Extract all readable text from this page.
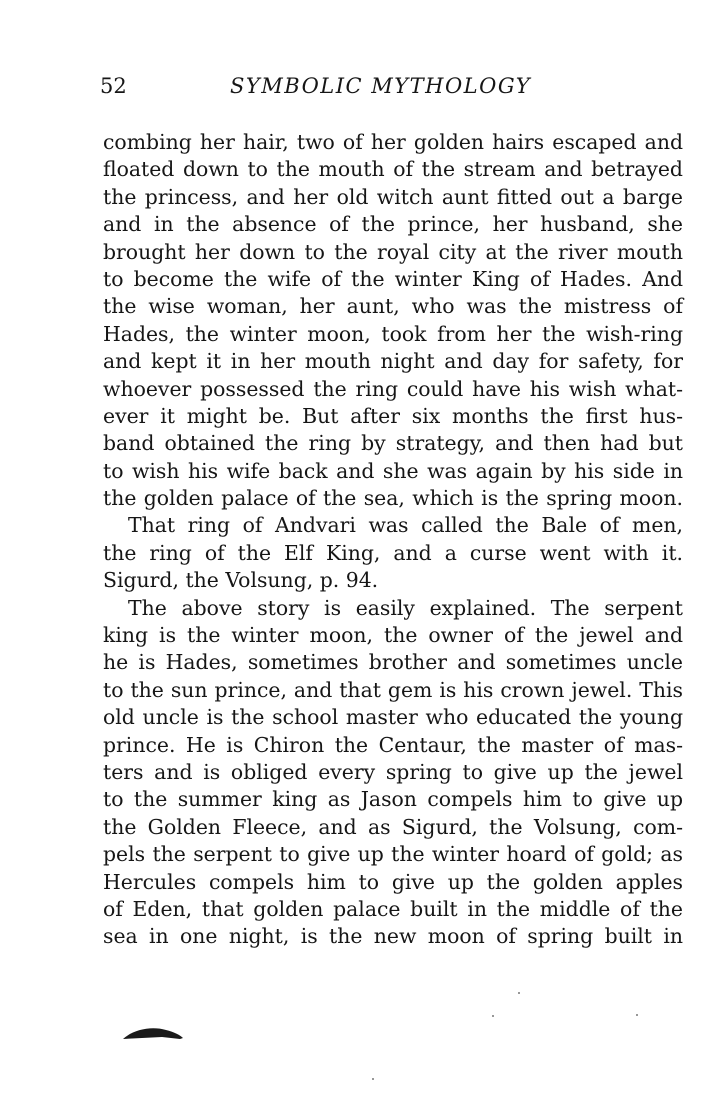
52	SYMBOLIC MYTHOLOGY
combing her hair, two of her golden hairs escaped and
floated down to the mouth of the stream and betrayed
the princess, and her old witch aunt fitted out a barge
and in the absence of the prince, her husband, she
brought her down to the royal city at the river mouth
to become the wife of the winter King of Hades. And
the wise woman, her aunt, who was the mistress of
Hades, the winter moon, took from her the wish-ring
and kept it in her mouth night and day for safety, for
whoever possessed the ring could have his wish what-
ever it might be. But after six months the first hus-
band obtained the ring by strategy, and then had but
to wish his wife back and she was again by his side in
the golden palace of the sea, which is the spring moon.
That ring of Andvari was called the Bale of men,
the ring of the Elf King, and a curse went with it.
Sigurd, the Volsung, p. 94.
The above story is easily explained. The serpent
king is the winter moon, the owner of the jewel and
he is Hades, sometimes brother and sometimes uncle
to the sun prince, and that gem is his crown jewel. This
old uncle is the school master who educated the young
prince. He is Chiron the Centaur, the master of mas-
ters and is obliged every spring to give up the jewel
to the summer king as Jason compels him to give up
the Golden Fleece, and as Sigurd, the Volsung, com-
pels the serpent to give up the winter hoard of gold; as
Hercules compels him to give up the golden apples
of Eden, that golden palace built in the middle of the
sea in one night, is the new moon of spring built in
